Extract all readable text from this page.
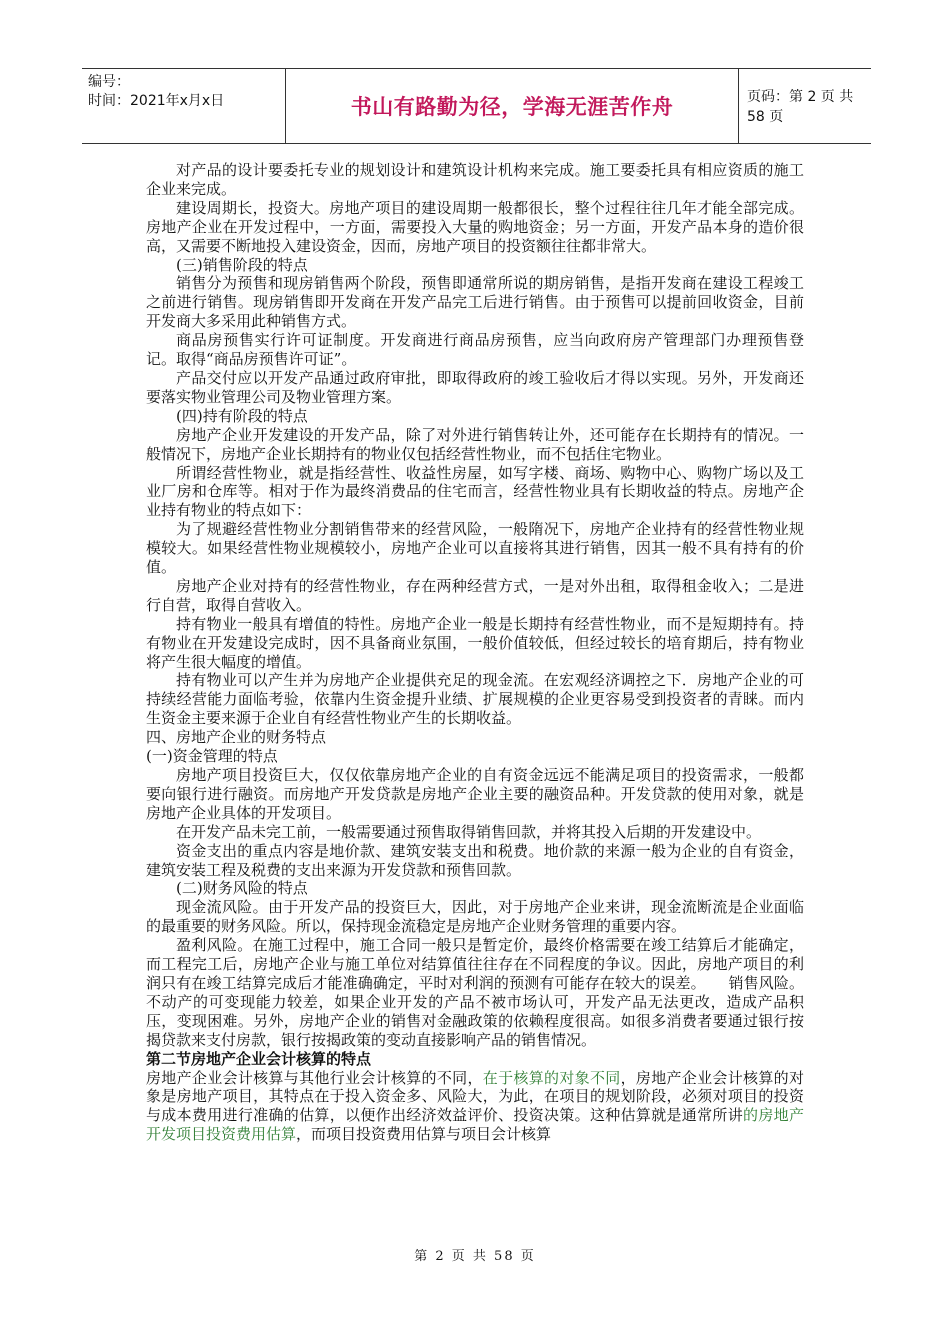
编号：
时间：2021年x月x日	书山有路勤为径，学海无涯苦作舟	页码：第 2 页 共 58 页

对产品的设计要委托专业的规划设计和建筑设计机构来完成。施工要委托具有相应资质的施工企业来完成。

建设周期长，投资大。房地产项目的建设周期一般都很长，整个过程往往几年才能全部完成。房地产企业在开发过程中，一方面，需要投入大量的购地资金；另一方面，开发产品本身的造价很高，又需要不断地投入建设资金，因而，房地产项目的投资额往往都非常大。

(三)销售阶段的特点

销售分为预售和现房销售两个阶段，预售即通常所说的期房销售，是指开发商在建设工程竣工之前进行销售。现房销售即开发商在开发产品完工后进行销售。由于预售可以提前回收资金，目前开发商大多采用此种销售方式。

商品房预售实行许可证制度。开发商进行商品房预售，应当向政府房产管理部门办理预售登记。取得“商品房预售许可证”。

产品交付应以开发产品通过政府审批，即取得政府的竣工验收后才得以实现。另外，开发商还要落实物业管理公司及物业管理方案。

(四)持有阶段的特点

房地产企业开发建设的开发产品，除了对外进行销售转让外，还可能存在长期持有的情况。一般情况下，房地产企业长期持有的物业仅包括经营性物业，而不包括住宅物业。

所谓经营性物业，就是指经营性、收益性房屋，如写字楼、商场、购物中心、购物广场以及工业厂房和仓库等。相对于作为最终消费品的住宅而言，经营性物业具有长期收益的特点。房地产企业持有物业的特点如下：

为了规避经营性物业分割销售带来的经营风险，一般隋况下，房地产企业持有的经营性物业规模较大。如果经营性物业规模较小，房地产企业可以直接将其进行销售，因其一般不具有持有的价值。

房地产企业对持有的经营性物业，存在两种经营方式，一是对外出租，取得租金收入；二是进行自营，取得自营收入。

持有物业一般具有增值的特性。房地产企业一般是长期持有经营性物业，而不是短期持有。持有物业在开发建设完成时，因不具备商业氛围，一般价值较低，但经过较长的培育期后，持有物业将产生很大幅度的增值。

持有物业可以产生并为房地产企业提供充足的现金流。在宏观经济调控之下．房地产企业的可持续经营能力面临考验，依靠内生资金提升业绩、扩展规模的企业更容易受到投资者的青睐。而内生资金主要来源于企业自有经营性物业产生的长期收益。

四、房地产企业的财务特点

(一)资金管理的特点

房地产项目投资巨大，仅仅依靠房地产企业的自有资金远远不能满足项目的投资需求，一般都要向银行进行融资。而房地产开发贷款是房地产企业主要的融资品种。开发贷款的使用对象，就是房地产企业具体的开发项目。

在开发产品未完工前，一般需要通过预售取得销售回款，并将其投入后期的开发建设中。

资金支出的重点内容是地价款、建筑安装支出和税费。地价款的来源一般为企业的自有资金，建筑安装工程及税费的支出来源为开发贷款和预售回款。

(二)财务风险的特点

现金流风险。由于开发产品的投资巨大，因此，对于房地产企业来讲，现金流断流是企业面临的最重要的财务风险。所以，保持现金流稳定是房地产企业财务管理的重要内容。

盈利风险。在施工过程中，施工合同一般只是暂定价，最终价格需要在竣工结算后才能确定，而工程完工后，房地产企业与施工单位对结算值往往存在不同程度的争议。因此，房地产项目的利润只有在竣工结算完成后才能准确确定，平时对利润的预测有可能存在较大的误差。　　销售风险。不动产的可变现能力较差，如果企业开发的产品不被市场认可，开发产品无法更改，造成产品积压，变现困难。另外，房地产企业的销售对金融政策的依赖程度很高。如很多消费者要通过银行按揭贷款来支付房款，银行按揭政策的变动直接影响产品的销售情况。

第二节房地产企业会计核算的特点

房地产企业会计核算与其他行业会计核算的不同，在于核算的对象不同，房地产企业会计核算的对象是房地产项目，其特点在于投入资金多、风险大，为此，在项目的规划阶段，必须对项目的投资与成本费用进行准确的估算，以便作出经济效益评价、投资决策。这种估算就是通常所讲的房地产开发项目投资费用估算，而项目投资费用估算与项目会计核算

第 2 页 共 58 页
